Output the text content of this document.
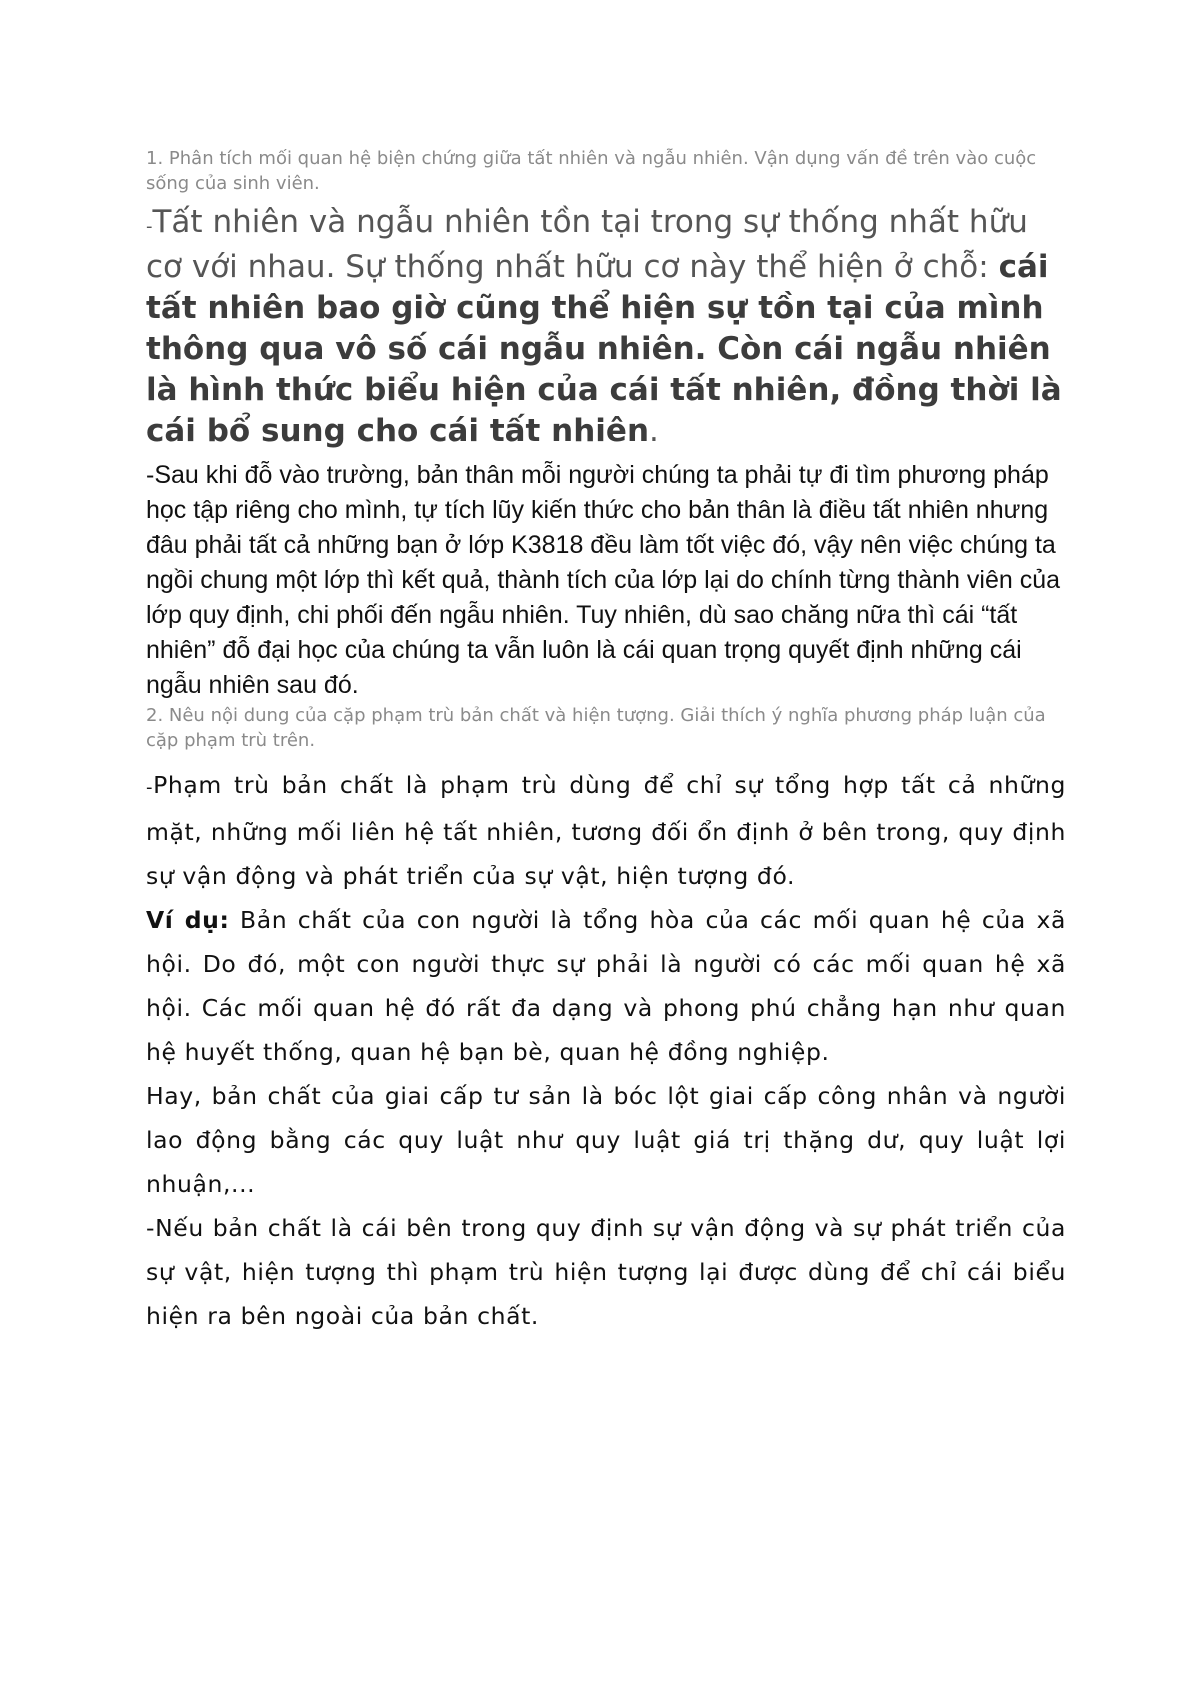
1. Phân tích mối quan hệ biện chứng giữa tất nhiên và ngẫu nhiên. Vận dụng vấn đề trên vào cuộc sống của sinh viên.

-Tất nhiên và ngẫu nhiên tồn tại trong sự thống nhất hữu cơ với nhau. Sự thống nhất hữu cơ này thể hiện ở chỗ: cái tất nhiên bao giờ cũng thể hiện sự tồn tại của mình thông qua vô số cái ngẫu nhiên. Còn cái ngẫu nhiên là hình thức biểu hiện của cái tất nhiên, đồng thời là cái bổ sung cho cái tất nhiên.

-Sau khi đỗ vào trường, bản thân mỗi người chúng ta phải tự đi tìm phương pháp học tập riêng cho mình, tự tích lũy kiến thức cho bản thân là điều tất nhiên nhưng đâu phải tất cả những bạn ở lớp K3818 đều làm tốt việc đó, vậy nên việc chúng ta ngồi chung một lớp thì kết quả, thành tích của lớp lại do chính từng thành viên của lớp quy định, chi phối đến ngẫu nhiên. Tuy nhiên, dù sao chăng nữa thì cái “tất nhiên” đỗ đại học của chúng ta vẫn luôn là cái quan trọng quyết định những cái ngẫu nhiên sau đó.

2. Nêu nội dung của cặp phạm trù bản chất và hiện tượng. Giải thích ý nghĩa phương pháp luận của cặp phạm trù trên.

-Phạm trù bản chất là phạm trù dùng để chỉ sự tổng hợp tất cả những mặt, những mối liên hệ tất nhiên, tương đối ổn định ở bên trong, quy định sự vận động và phát triển của sự vật, hiện tượng đó.

Ví dụ: Bản chất của con người là tổng hòa của các mối quan hệ của xã hội. Do đó, một con người thực sự phải là người có các mối quan hệ xã hội. Các mối quan hệ đó rất đa dạng và phong phú chẳng hạn như quan hệ huyết thống, quan hệ bạn bè, quan hệ đồng nghiệp.

Hay, bản chất của giai cấp tư sản là bóc lột giai cấp công nhân và người lao động bằng các quy luật như quy luật giá trị thặng dư, quy luật lợi nhuận,...

-Nếu bản chất là cái bên trong quy định sự vận động và sự phát triển của sự vật, hiện tượng thì phạm trù hiện tượng lại được dùng để chỉ cái biểu hiện ra bên ngoài của bản chất.
